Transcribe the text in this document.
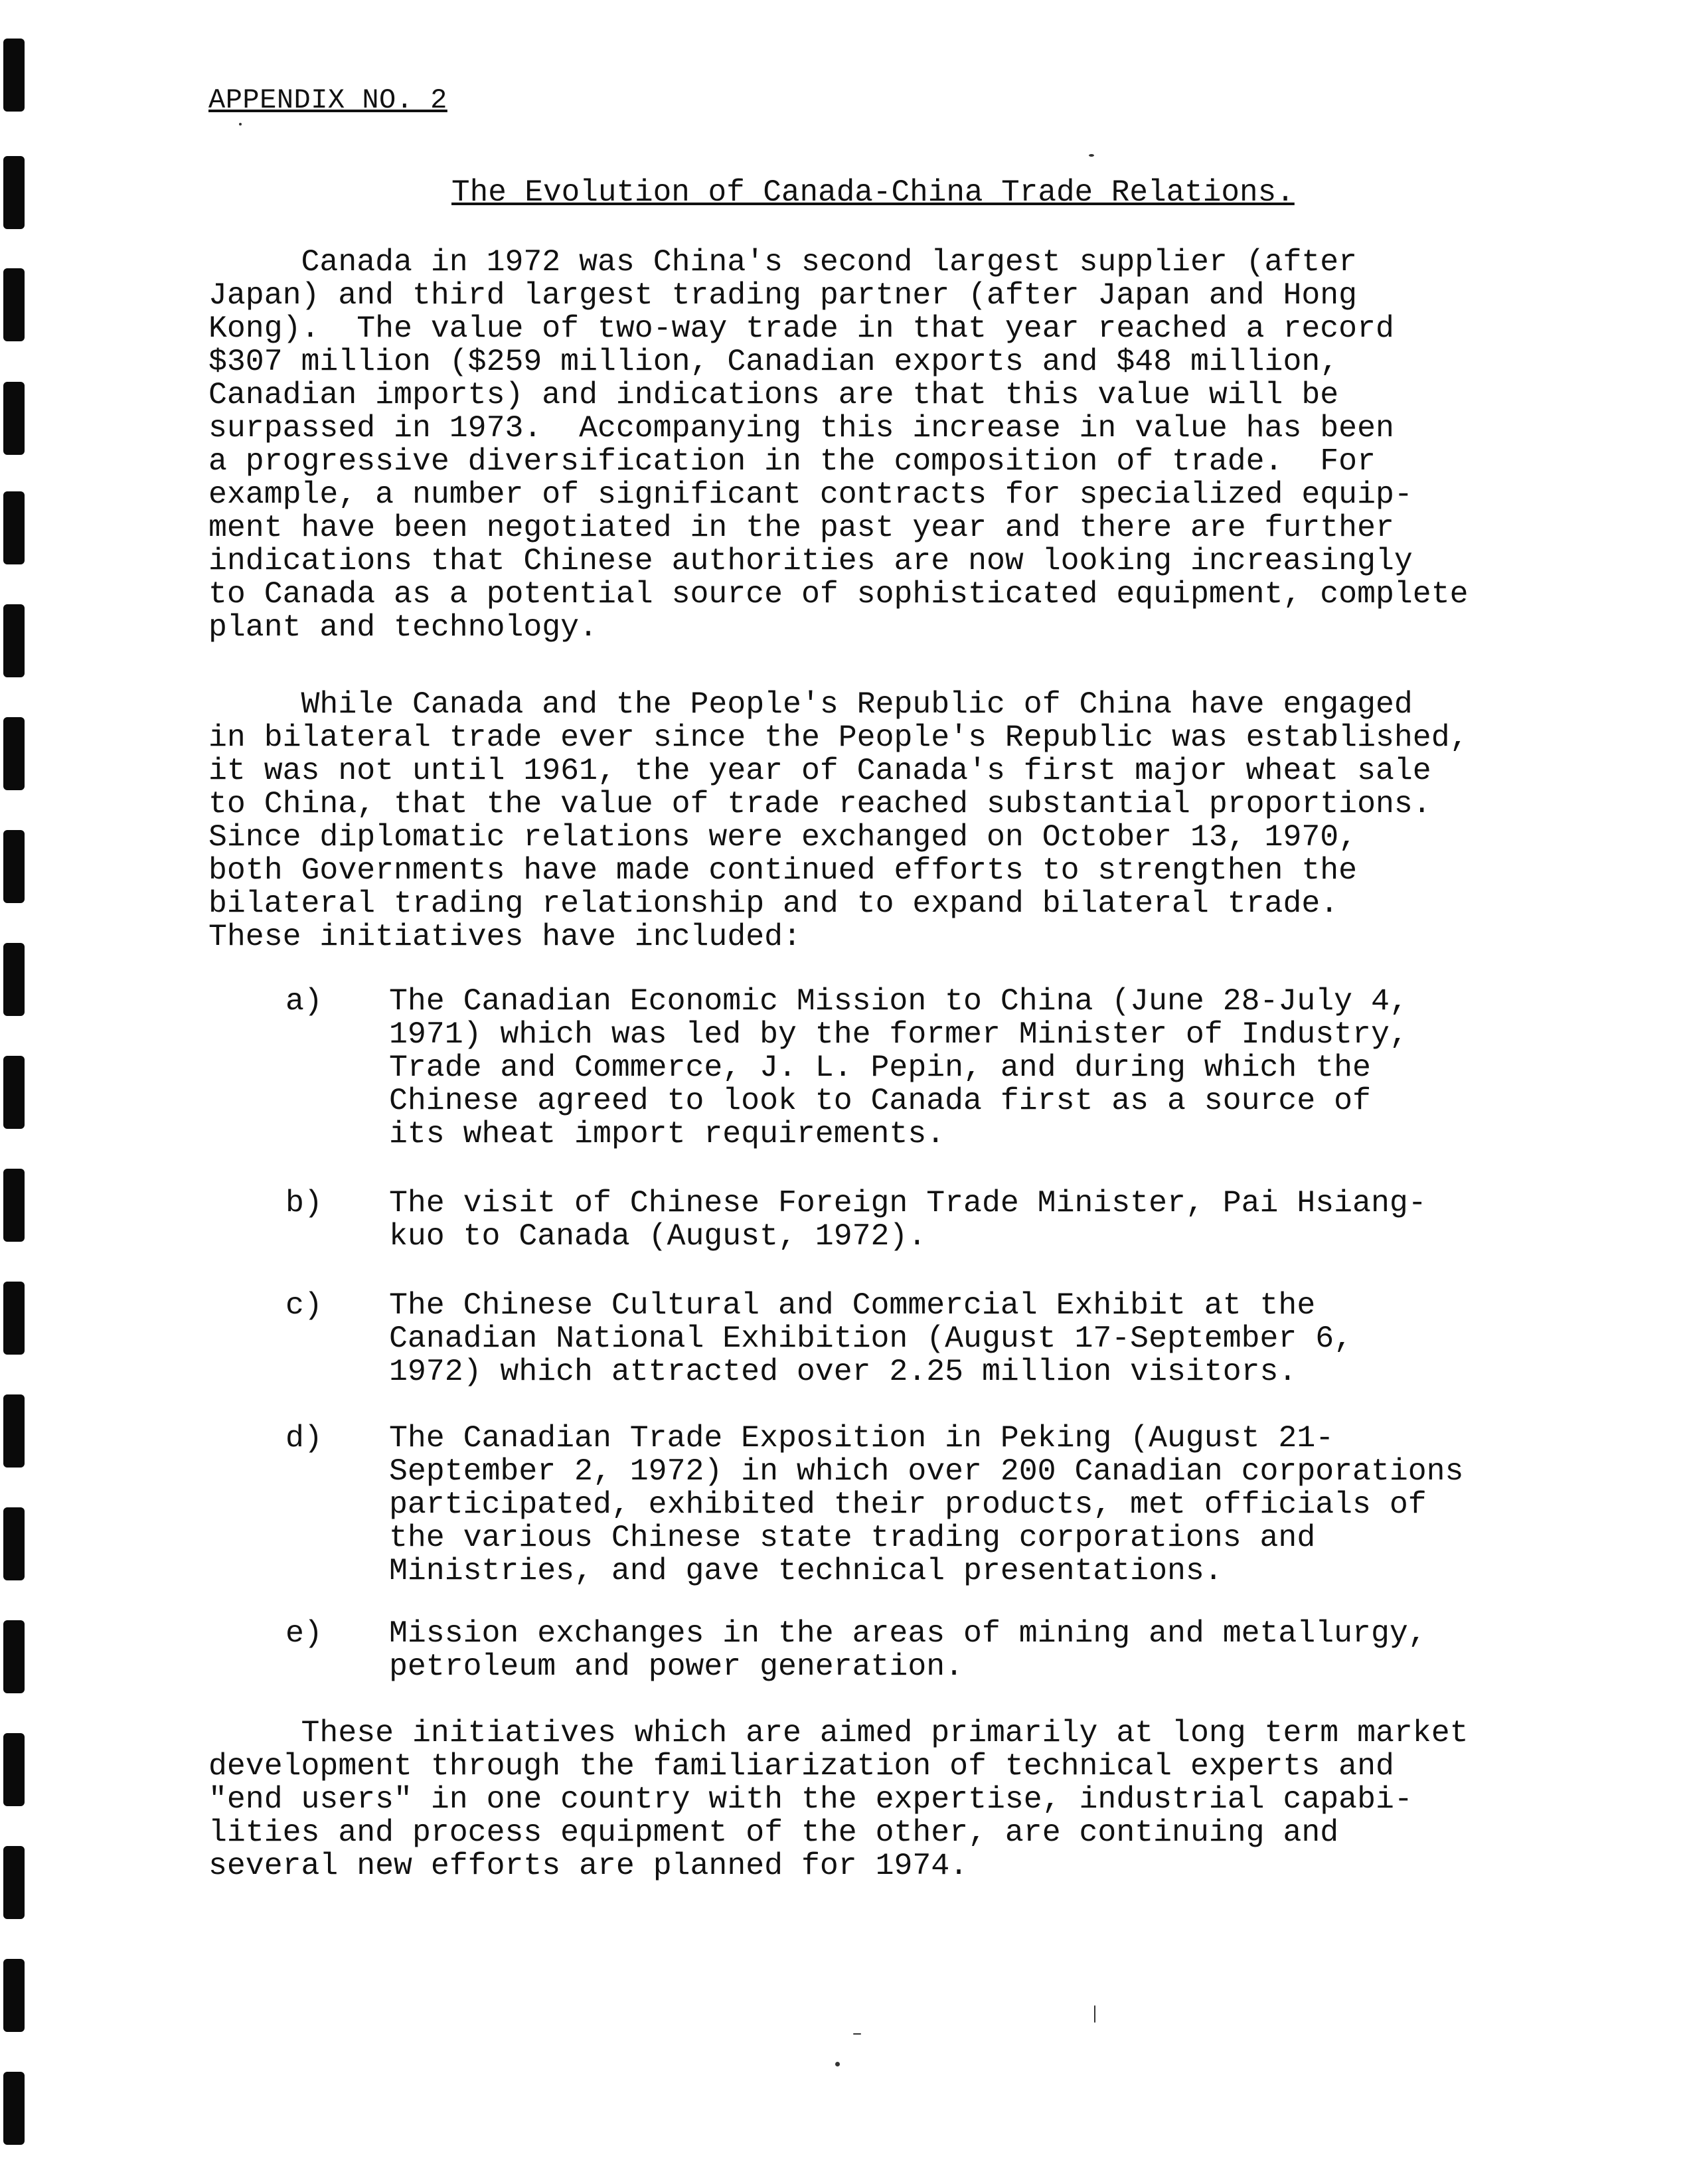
APPENDIX NO. 2
The Evolution of Canada-China Trade Relations.

Canada in 1972 was China's second largest supplier (after
Japan) and third largest trading partner (after Japan and Hong
Kong).  The value of two-way trade in that year reached a record
$307 million ($259 million, Canadian exports and $48 million,
Canadian imports) and indications are that this value will be
surpassed in 1973.  Accompanying this increase in value has been
a progressive diversification in the composition of trade.  For
example, a number of significant contracts for specialized equip-
ment have been negotiated in the past year and there are further
indications that Chinese authorities are now looking increasingly
to Canada as a potential source of sophisticated equipment, complete
plant and technology.

While Canada and the People's Republic of China have engaged
in bilateral trade ever since the People's Republic was established,
it was not until 1961, the year of Canada's first major wheat sale
to China, that the value of trade reached substantial proportions.
Since diplomatic relations were exchanged on October 13, 1970,
both Governments have made continued efforts to strengthen the
bilateral trading relationship and to expand bilateral trade.
These initiatives have included:

a) The Canadian Economic Mission to China (June 28-July 4,
1971) which was led by the former Minister of Industry,
Trade and Commerce, J. L. Pepin, and during which the
Chinese agreed to look to Canada first as a source of
its wheat import requirements.

b) The visit of Chinese Foreign Trade Minister, Pai Hsiang-
kuo to Canada (August, 1972).

c) The Chinese Cultural and Commercial Exhibit at the
Canadian National Exhibition (August 17-September 6,
1972) which attracted over 2.25 million visitors.

d) The Canadian Trade Exposition in Peking (August 21-
September 2, 1972) in which over 200 Canadian corporations
participated, exhibited their products, met officials of
the various Chinese state trading corporations and
Ministries, and gave technical presentations.

e) Mission exchanges in the areas of mining and metallurgy,
petroleum and power generation.

These initiatives which are aimed primarily at long term market
development through the familiarization of technical experts and
"end users" in one country with the expertise, industrial capabi-
lities and process equipment of the other, are continuing and
several new efforts are planned for 1974.
